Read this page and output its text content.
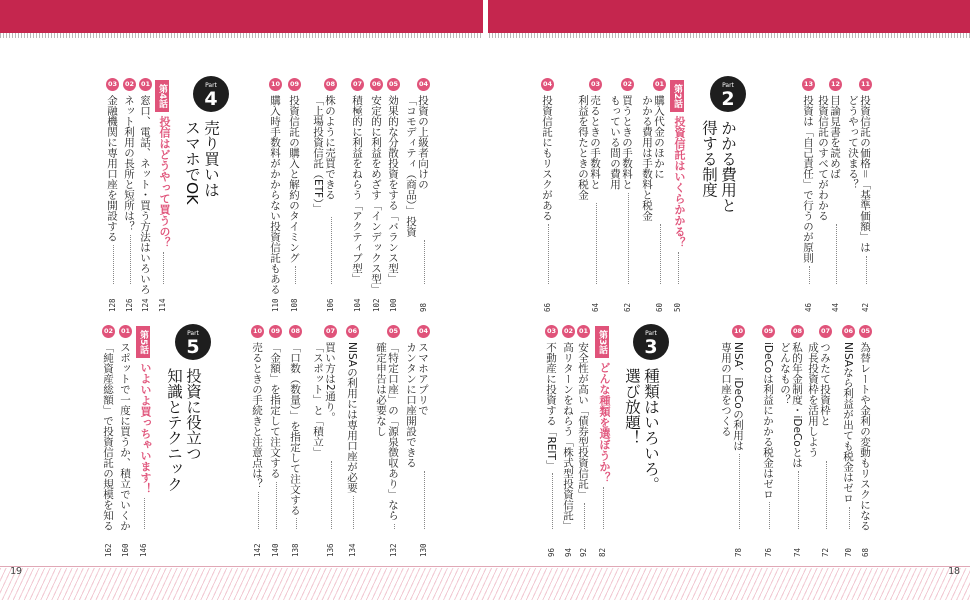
19	18
11
投資信託の価格＝「基準価額」は
どうやって決まる？
42
12
目論見書を読めば
投資信託のすべてがわかる
44
13
投資は「自己責任」で行うのが原則
46
Part
2
かかる費用と
得する制度
第2話
投資信託はいくらかかる？
50
01
購入代金のほかに
かかる費用は手数料と税金
60
02
買うときの手数料と
もっている間の費用
62
03
売るときの手数料と
利益を得たときの税金
64
04
投資信託にもリスクがある
66
05
為替レートや金利の変動もリスクになる
68
06
NISAなら利益が出ても税金はゼロ
70
07
つみたて投資枠と
成長投資枠を活用しよう
72
08
私的年金制度・iDeCoとは
どんなもの？
74
09
iDeCoは利益にかかる税金はゼロ
76
10
NISA、iDeCoの利用は
専用の口座をつくる
78
Part
3
種類はいろいろ。
選び放題！
第3話
どんな種類を選ぼうか？
82
01
安全性が高い「債券型投資信託」
92
02
高リターンをねらう「株式型投資信託」
94
03
不動産に投資する「REIT」
96
04
投資の上級者向けの
「コモディティ（商品）」投資
98
05
効果的な分散投資をする「バランス型」
100
06
安定的に利益をめざす「インデックス型」
102
07
積極的に利益をねらう「アクティブ型」
104
08
株のように売買できる
「上場投資信託（ETF）」
106
09
投資信託の購入と解約のタイミング
108
10
購入時手数料がかからない投資信託もある
110
Part
4
売り買いは
スマホでOK
第4話
投信はどうやって買うの？
114
01
窓口、電話、ネット・買う方法はいろいろ
124
02
ネット利用の長所と短所は？
126
03
金融機関に専用口座を開設する
128
04
スマホアプリで
カンタンに口座開設できる
130
05
「特定口座」の「源泉徴収あり」なら
確定申告は必要なし
132
06
NISAの利用には専用口座が必要
134
07
買い方は2通り。
「スポット」と「積立」
136
08
「口数（数量）」を指定して注文する
138
09
「金額」を指定して注文する
140
10
売るときの手続きと注意点は？
142
Part
5
投資に役立つ
知識とテクニック
第5話
いよいよ買っちゃいます！
146
01
スポットで一度に買うか、積立でいくか
160
02
「純資産総額」で投資信託の規模を知る
162
